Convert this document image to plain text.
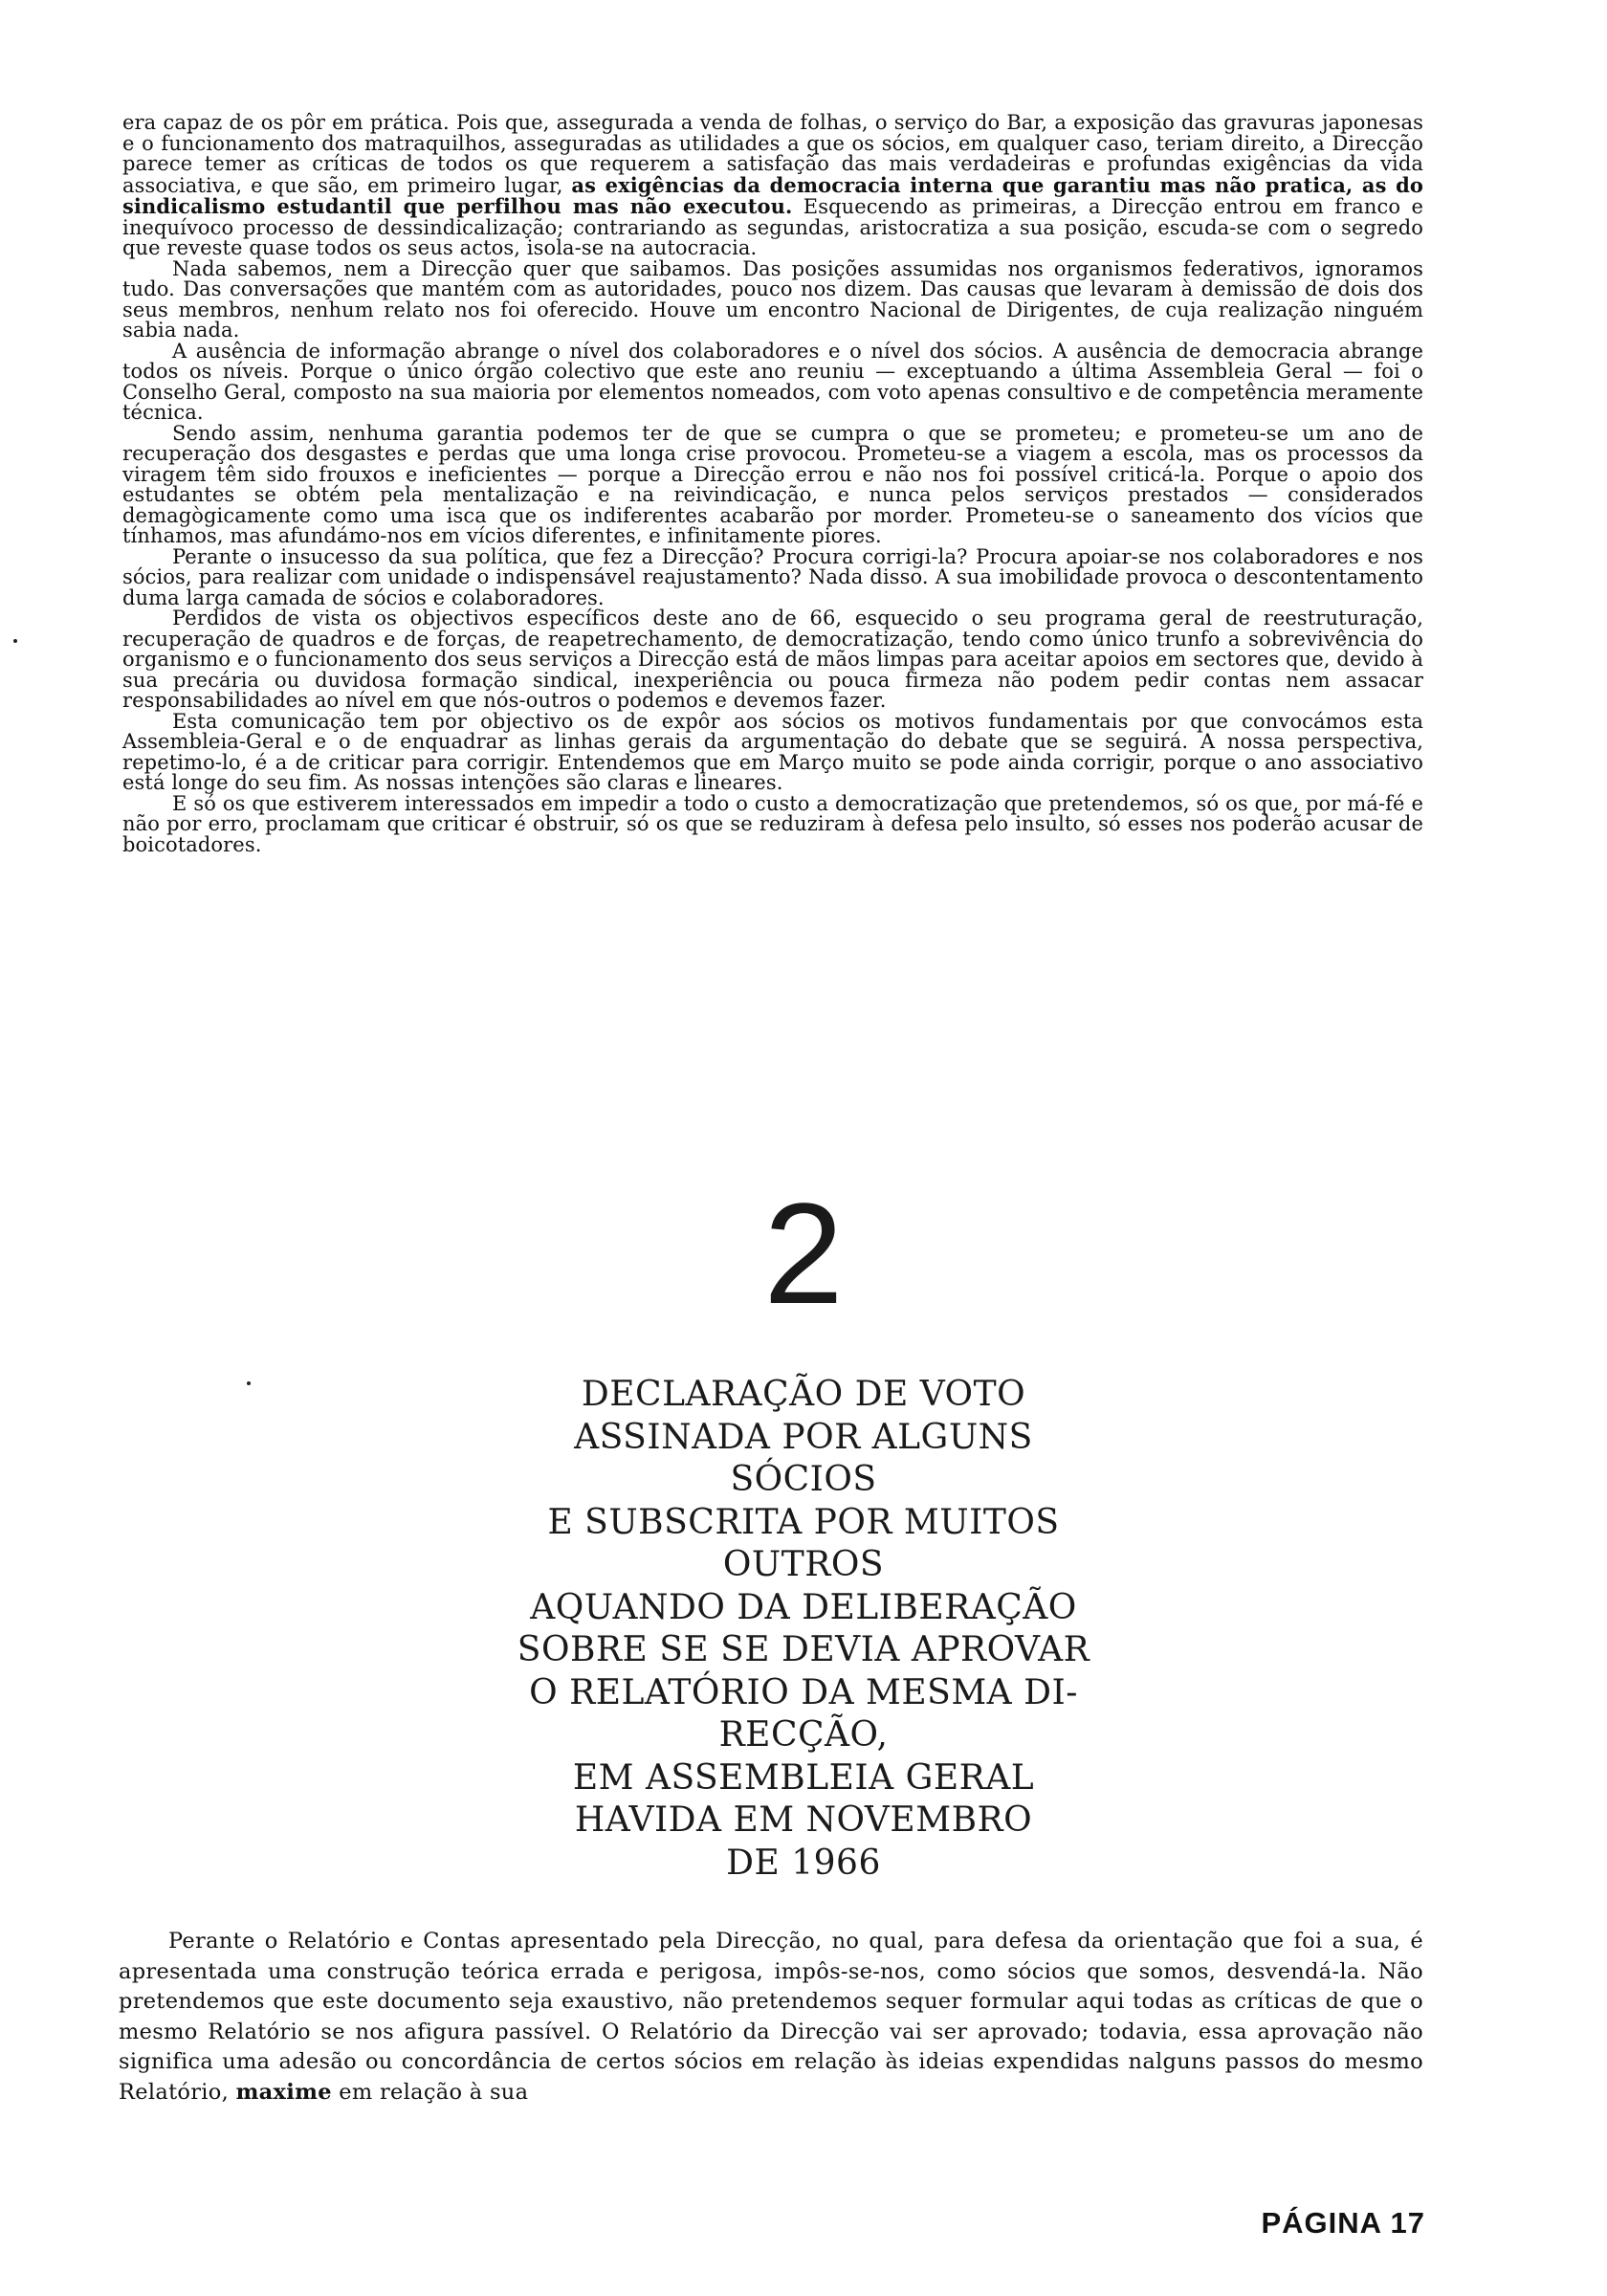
era capaz de os pôr em prática. Pois que, assegurada a venda de folhas, o serviço do Bar, a exposição das gravuras japonesas e o funcionamento dos matraquilhos, asseguradas as utilidades a que os sócios, em qualquer caso, teriam direito, a Direcção parece temer as críticas de todos os que requerem a satisfação das mais verdadeiras e profundas exigências da vida associativa, e que são, em primeiro lugar, as exigências da democracia interna que garantiu mas não pratica, as do sindicalismo estudantil que perfilhou mas não executou. Esquecendo as primeiras, a Direcção entrou em franco e inequívoco processo de dessindicalização; contrariando as segundas, aristocratiza a sua posição, escuda-se com o segredo que reveste quase todos os seus actos, isola-se na autocracia.

Nada sabemos, nem a Direcção quer que saibamos. Das posições assumidas nos organismos federativos, ignoramos tudo. Das conversações que mantém com as autoridades, pouco nos dizem. Das causas que levaram à demissão de dois dos seus membros, nenhum relato nos foi oferecido. Houve um encontro Nacional de Dirigentes, de cuja realização ninguém sabia nada.

A ausência de informação abrange o nível dos colaboradores e o nível dos sócios. A ausência de democracia abrange todos os níveis. Porque o único órgão colectivo que este ano reuniu — exceptuando a última Assembleia Geral — foi o Conselho Geral, composto na sua maioria por elementos nomeados, com voto apenas consultivo e de competência meramente técnica.

Sendo assim, nenhuma garantia podemos ter de que se cumpra o que se prometeu; e prometeu-se um ano de recuperação dos desgastes e perdas que uma longa crise provocou. Prometeu-se a viagem a escola, mas os processos da viragem têm sido frouxos e ineficientes — porque a Direcção errou e não nos foi possível criticá-la. Porque o apoio dos estudantes se obtém pela mentalização e na reivindicação, e nunca pelos serviços prestados — considerados demagògicamente como uma isca que os indiferentes acabarão por morder. Prometeu-se o saneamento dos vícios que tínhamos, mas afundámo-nos em vícios diferentes, e infinitamente piores.

Perante o insucesso da sua política, que fez a Direcção? Procura corrigi-la? Procura apoiar-se nos colaboradores e nos sócios, para realizar com unidade o indispensável reajustamento? Nada disso. A sua imobilidade provoca o descontentamento duma larga camada de sócios e colaboradores.

Perdidos de vista os objectivos específicos deste ano de 66, esquecido o seu programa geral de reestruturação, recuperação de quadros e de forças, de reapetrechamento, de democratização, tendo como único trunfo a sobrevivência do organismo e o funcionamento dos seus serviços a Direcção está de mãos limpas para aceitar apoios em sectores que, devido à sua precária ou duvidosa formação sindical, inexperiência ou pouca firmeza não podem pedir contas nem assacar responsabilidades ao nível em que nós-outros o podemos e devemos fazer.

Esta comunicação tem por objectivo os de expôr aos sócios os motivos fundamentais por que convocámos esta Assembleia-Geral e o de enquadrar as linhas gerais da argumentação do debate que se seguirá. A nossa perspectiva, repetimo-lo, é a de criticar para corrigir. Entendemos que em Março muito se pode ainda corrigir, porque o ano associativo está longe do seu fim. As nossas intenções são claras e lineares.

E só os que estiverem interessados em impedir a todo o custo a democratização que pretendemos, só os que, por má-fé e não por erro, proclamam que criticar é obstruir, só os que se reduziram à defesa pelo insulto, só esses nos poderão acusar de boicotadores.

2
DECLARAÇÃO DE VOTO
ASSINADA POR ALGUNS
SÓCIOS
E SUBSCRITA POR MUITOS
OUTROS
AQUANDO DA DELIBERAÇÃO
SOBRE SE SE DEVIA APROVAR
O RELATÓRIO DA MESMA DI-
RECÇÃO,
EM ASSEMBLEIA GERAL
HAVIDA EM NOVEMBRO
DE 1966

Perante o Relatório e Contas apresentado pela Direcção, no qual, para defesa da orientação que foi a sua, é apresentada uma construção teórica errada e perigosa, impôs-se-nos, como sócios que somos, desvendá-la. Não pretendemos que este documento seja exaustivo, não pretendemos sequer formular aqui todas as críticas de que o mesmo Relatório se nos afigura passível. O Relatório da Direcção vai ser aprovado; todavia, essa aprovação não significa uma adesão ou concordância de certos sócios em relação às ideias expendidas nalguns passos do mesmo Relatório, maxime em relação à sua

PÁGINA 17
